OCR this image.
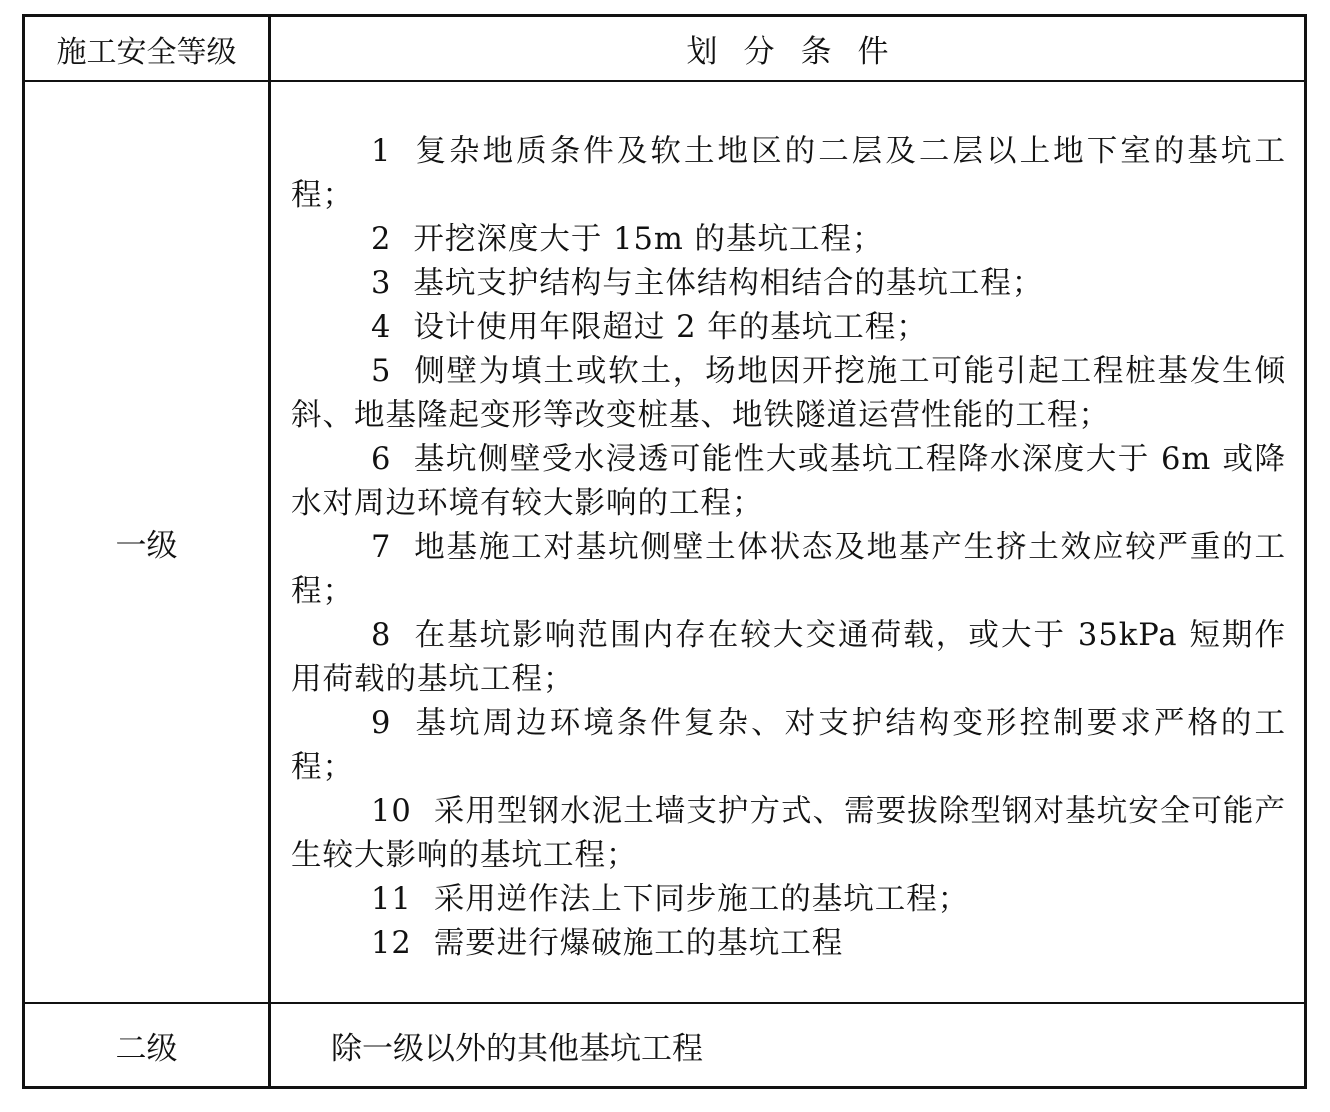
施工安全等级	划分条件
一级
1 复杂地质条件及软土地区的二层及二层以上地下室的基坑工程；
2 开挖深度大于 15m 的基坑工程；
3 基坑支护结构与主体结构相结合的基坑工程；
4 设计使用年限超过 2 年的基坑工程；
5 侧壁为填土或软土，场地因开挖施工可能引起工程桩基发生倾斜、地基隆起变形等改变桩基、地铁隧道运营性能的工程；
6 基坑侧壁受水浸透可能性大或基坑工程降水深度大于 6m 或降水对周边环境有较大影响的工程；
7 地基施工对基坑侧壁土体状态及地基产生挤土效应较严重的工程；
8 在基坑影响范围内存在较大交通荷载，或大于 35kPa 短期作用荷载的基坑工程；
9 基坑周边环境条件复杂、对支护结构变形控制要求严格的工程；
10 采用型钢水泥土墙支护方式、需要拔除型钢对基坑安全可能产生较大影响的基坑工程；
11 采用逆作法上下同步施工的基坑工程；
12 需要进行爆破施工的基坑工程
二级	除一级以外的其他基坑工程
